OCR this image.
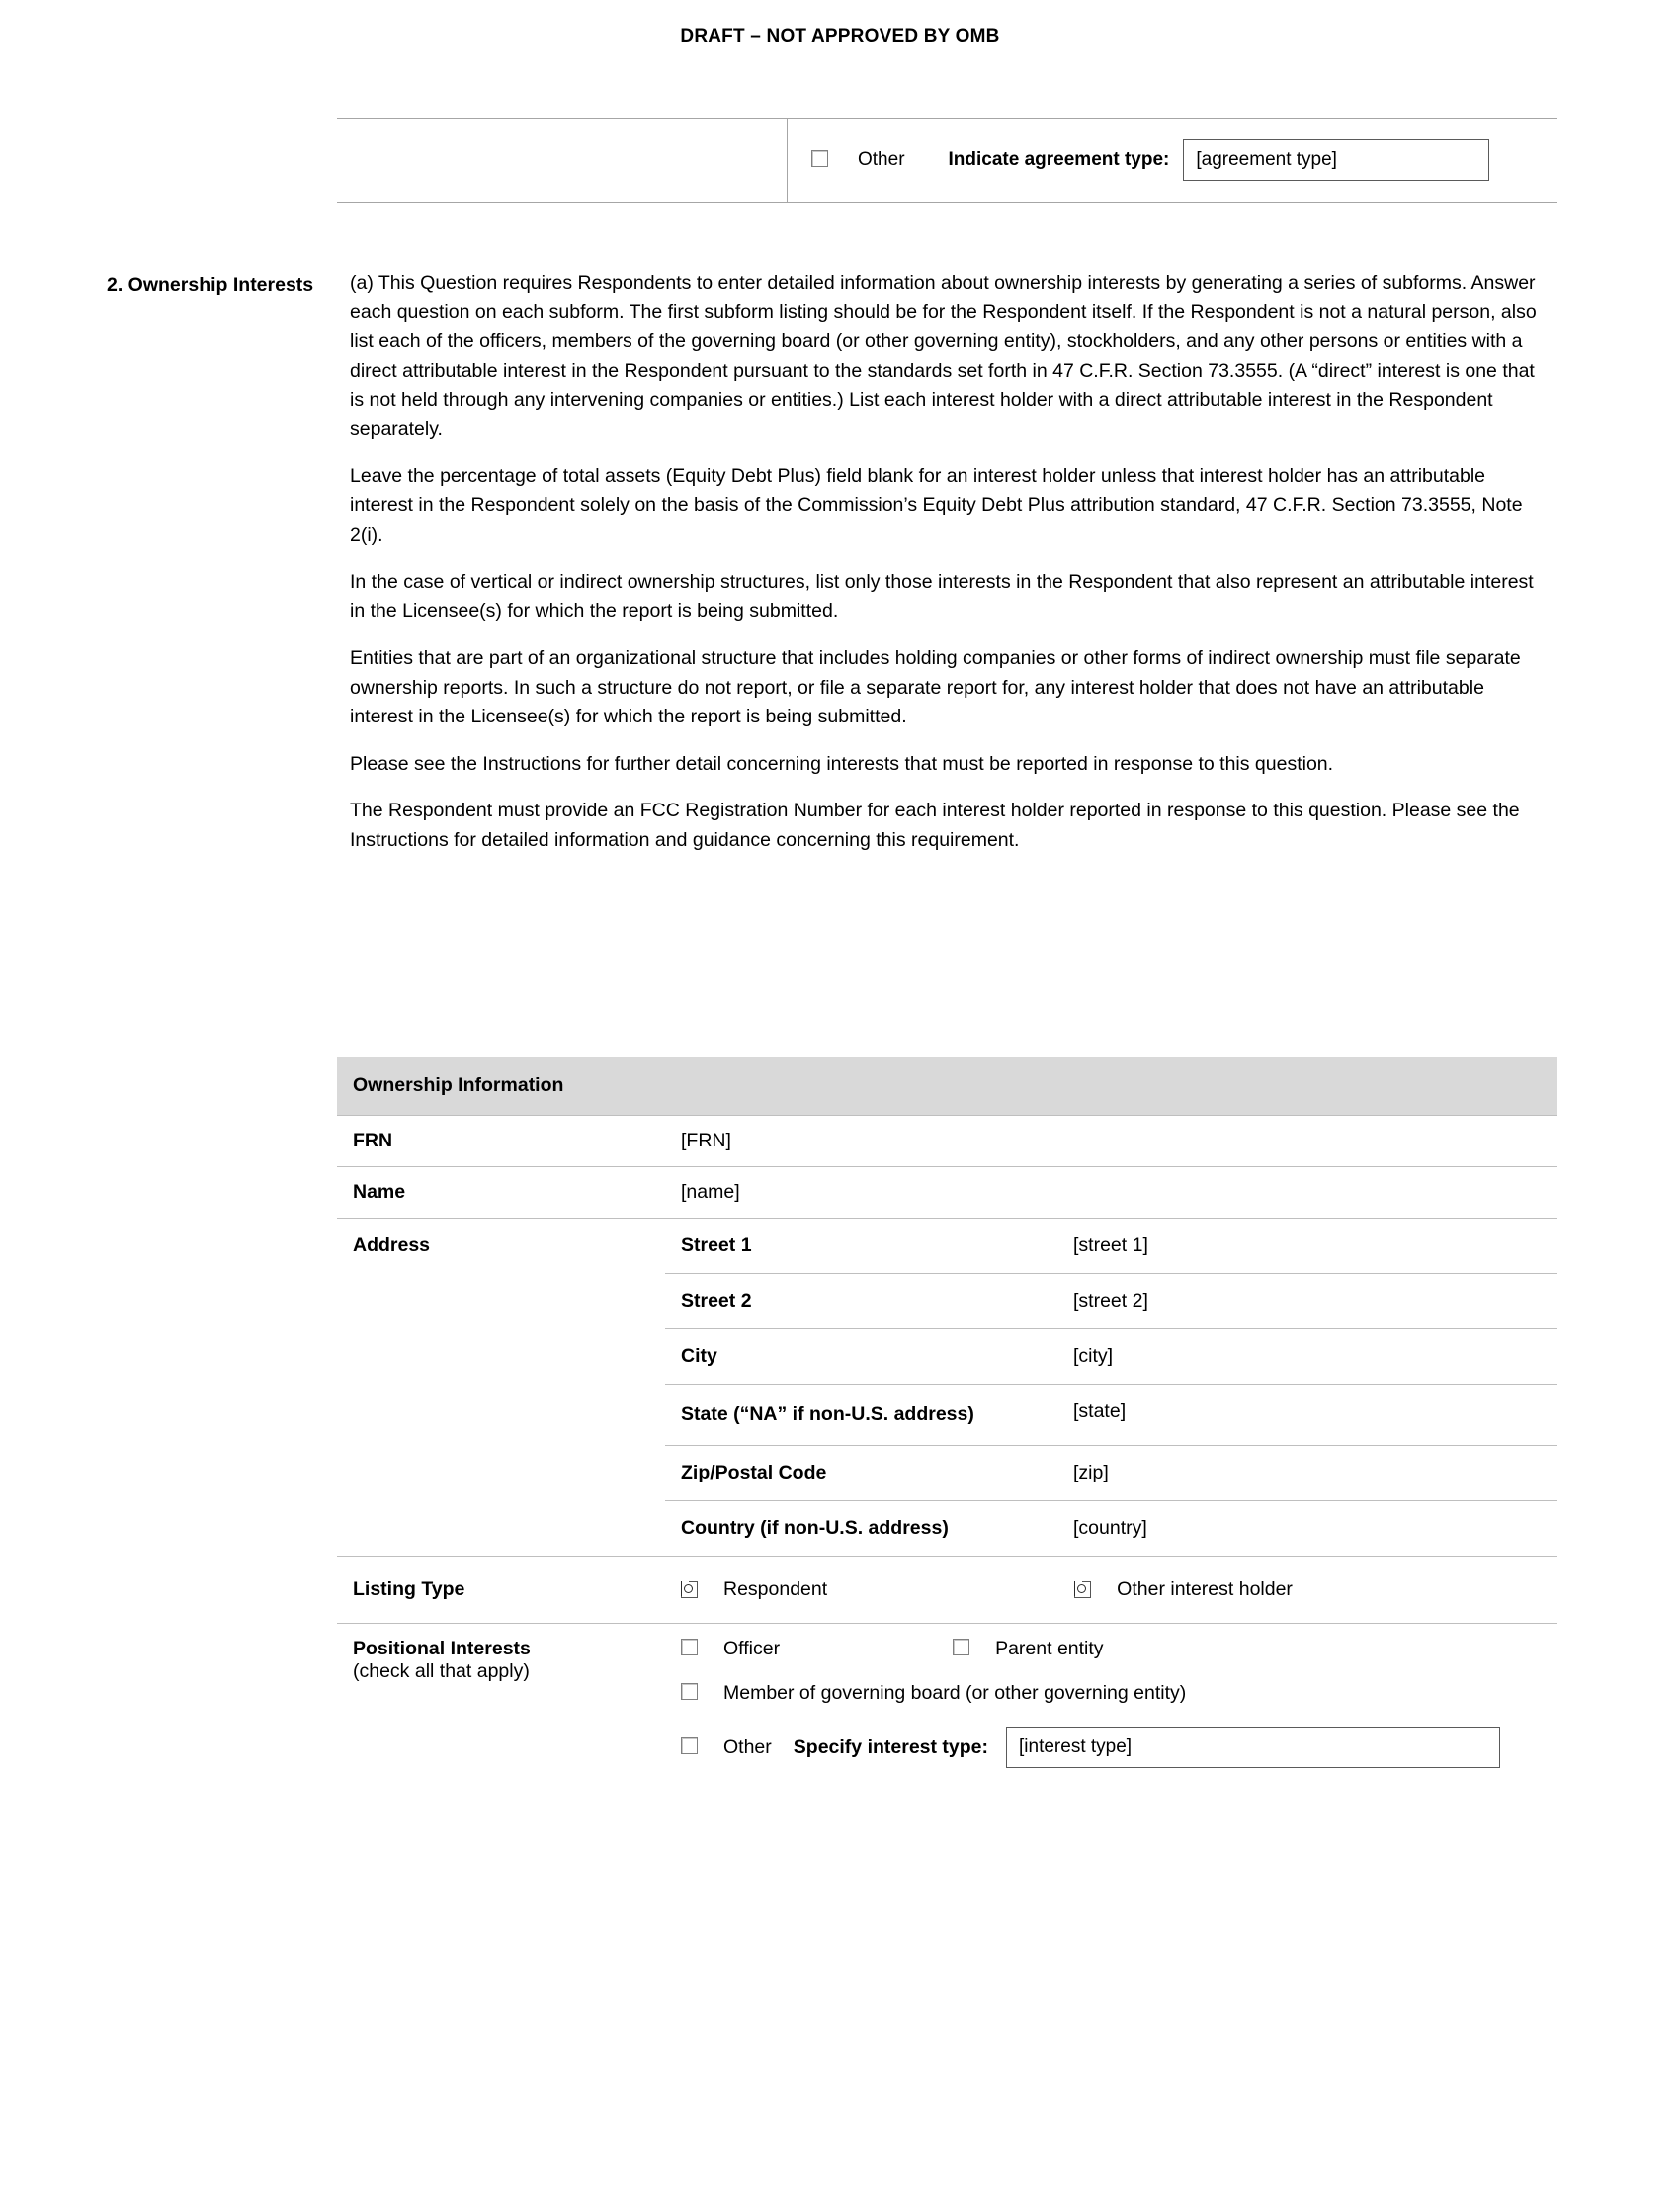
DRAFT – NOT APPROVED BY OMB

Other Indicate agreement type:	[agreement type]
2. Ownership Interests (a) This Question requires Respondents to enter detailed information about ownership interests by generating a series of subforms. Answer each question on each subform. The first subform listing should be for the Respondent itself. If the Respondent is not a natural person, also list each of the officers, members of the governing board (or other governing entity), stockholders, and any other persons or entities with a direct attributable interest in the Respondent pursuant to the standards set forth in 47 C.F.R. Section 73.3555. (A “direct” interest is one that is not held through any intervening companies or entities.) List each interest holder with a direct attributable interest in the Respondent separately.

Leave the percentage of total assets (Equity Debt Plus) field blank for an interest holder unless that interest holder has an attributable interest in the Respondent solely on the basis of the Commission’s Equity Debt Plus attribution standard, 47 C.F.R. Section 73.3555, Note 2(i).

In the case of vertical or indirect ownership structures, list only those interests in the Respondent that also represent an attributable interest in the Licensee(s) for which the report is being submitted.

Entities that are part of an organizational structure that includes holding companies or other forms of indirect ownership must file separate ownership reports. In such a structure do not report, or file a separate report for, any interest holder that does not have an attributable interest in the Licensee(s) for which the report is being submitted.

Please see the Instructions for further detail concerning interests that must be reported in response to this question.

The Respondent must provide an FCC Registration Number for each interest holder reported in response to this question. Please see the Instructions for detailed information and guidance concerning this requirement.

Ownership Information		
FRN	[FRN]	
Name	[name]	
Address	Street 1	[street 1]
	Street 2	[street 2]
	City	[city]
	State (“NA” if non-U.S. address)	[state]
	Zip/Postal Code	[zip]
	Country (if non-U.S. address)	[country]
Listing Type	Respondent Other interest holder	

Positional Interests
(check all that apply)

Officer	Parent entity
Member of governing board (or other governing entity)
Other Specify interest type:	[interest type]
